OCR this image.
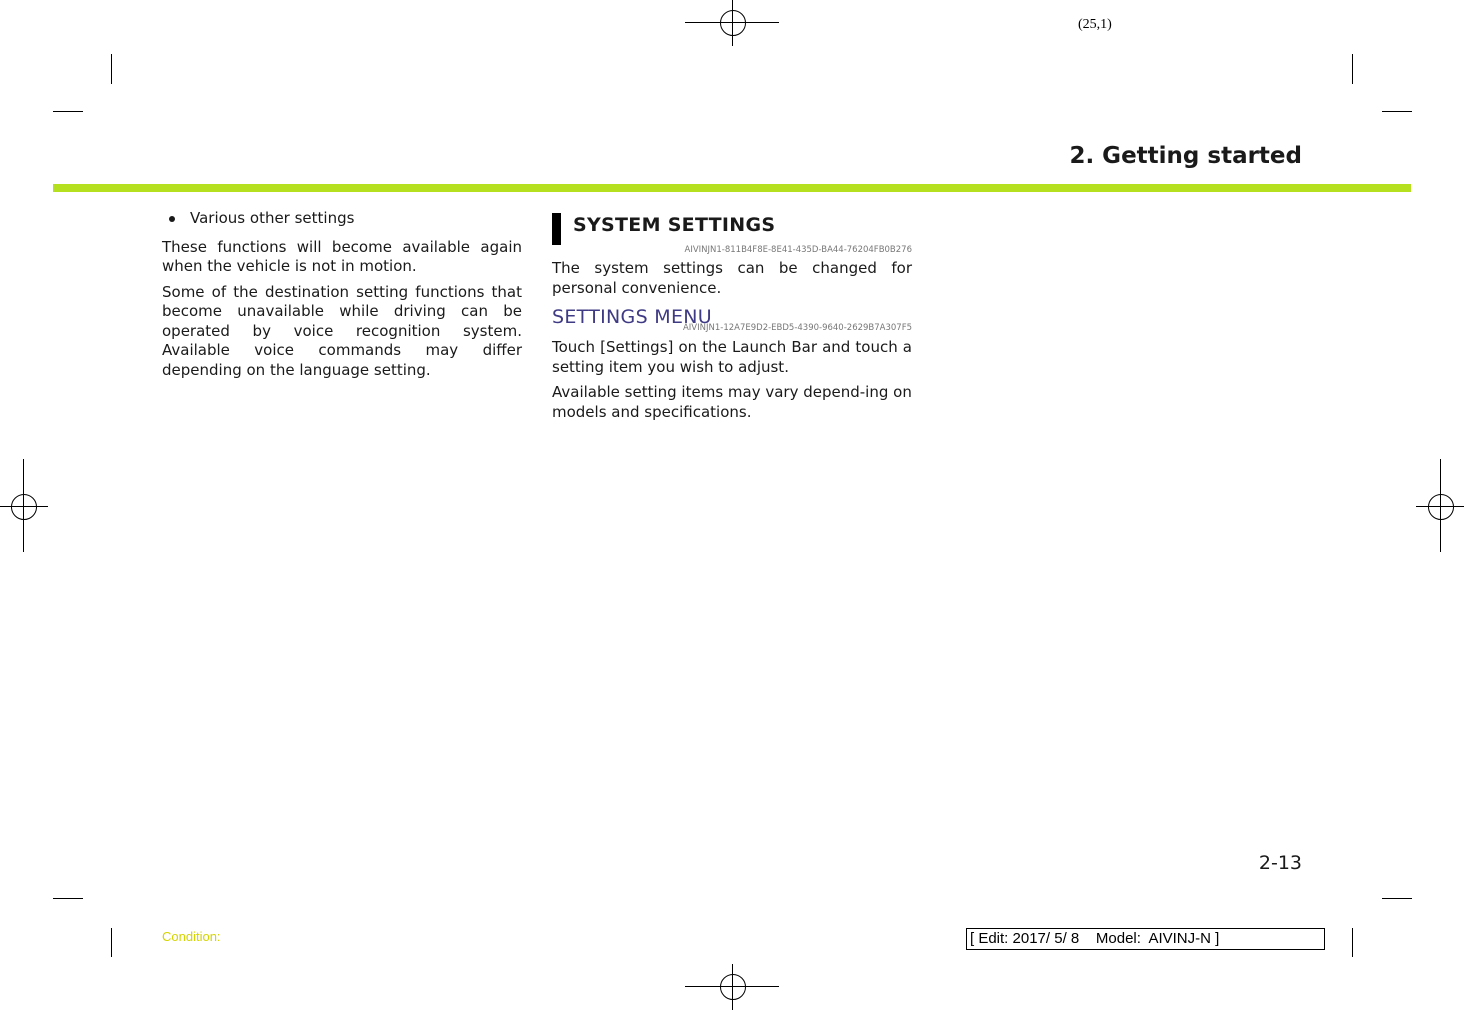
(25,1)
2. Getting started
Various other settings

These functions will become available again when the vehicle is not in motion.

Some of the destination setting functions that become unavailable while driving can be operated by voice recognition system. Available voice commands may differ depending on the language setting.

SYSTEM SETTINGS
AIVINJN1-811B4F8E-8E41-435D-BA44-76204FB0B276

The system settings can be changed for personal convenience.

SETTINGS MENU
AIVINJN1-12A7E9D2-EBD5-4390-9640-2629B7A307F5

Touch [Settings] on the Launch Bar and touch a setting item you wish to adjust.

Available setting items may vary depend-ing on models and specifications.

2-13
Condition:	[ Edit: 2017/ 5/ 8    Model:  AIVINJ-N ]
